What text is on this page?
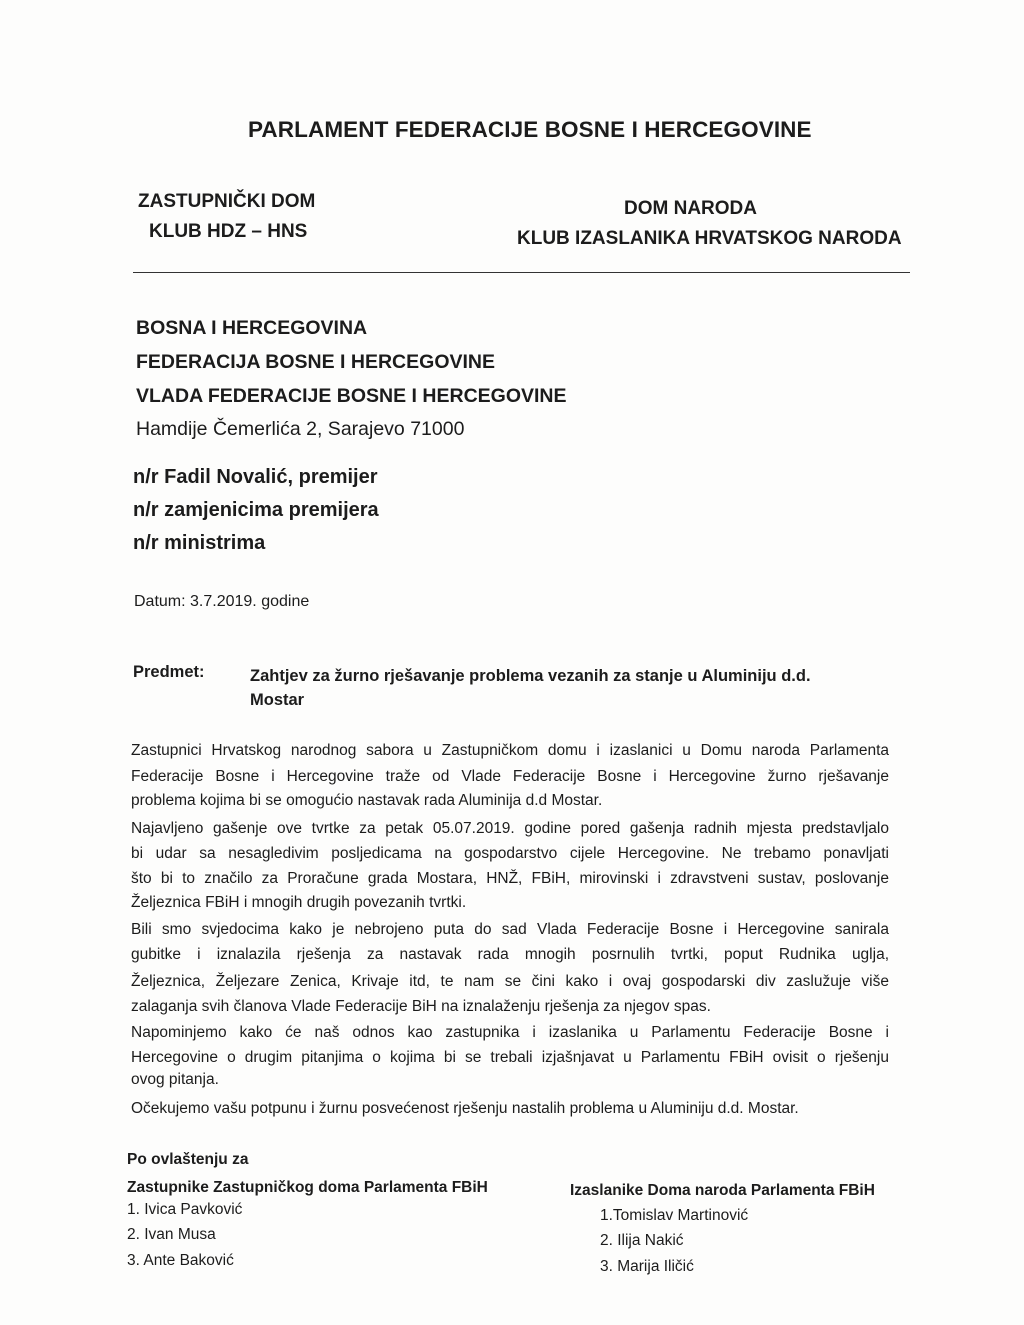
PARLAMENT FEDERACIJE BOSNE I HERCEGOVINE
ZASTUPNIČKI DOM
KLUB HDZ – HNS
DOM NARODA
KLUB IZASLANIKA HRVATSKOG NARODA
BOSNA I HERCEGOVINA
FEDERACIJA BOSNE I HERCEGOVINE
VLADA FEDERACIJE BOSNE I HERCEGOVINE
Hamdije Čemerlića 2, Sarajevo 71000
n/r Fadil Novalić, premijer
n/r zamjenicima premijera
n/r ministrima
Datum: 3.7.2019. godine
Predmet:	Zahtjev za žurno rješavanje problema vezanih za stanje u Aluminiju d.d.
Mostar
Zastupnici Hrvatskog narodnog sabora u Zastupničkom domu i izaslanici u Domu naroda Parlamenta
Federacije Bosne i Hercegovine traže od Vlade Federacije Bosne i Hercegovine žurno rješavanje
problema kojima bi se omogućio nastavak rada Aluminija d.d Mostar.
Najavljeno gašenje ove tvrtke za petak 05.07.2019. godine pored gašenja radnih mjesta predstavljalo
bi udar sa nesagledivim posljedicama na gospodarstvo cijele Hercegovine. Ne trebamo ponavljati
što bi to značilo za Proračune grada Mostara, HNŽ, FBiH, mirovinski i zdravstveni sustav, poslovanje
Željeznica FBiH i mnogih drugih povezanih tvrtki.
Bili smo svjedocima kako je nebrojeno puta do sad Vlada Federacije Bosne i Hercegovine sanirala
gubitke i iznalazila rješenja za nastavak rada mnogih posrnulih tvrtki, poput Rudnika uglja,
Željeznica, Željezare Zenica, Krivaje itd, te nam se čini kako i ovaj gospodarski div zaslužuje više
zalaganja svih članova Vlade Federacije BiH na iznalaženju rješenja za njegov spas.
Napominjemo kako će naš odnos kao zastupnika i izaslanika u Parlamentu Federacije Bosne i
Hercegovine o drugim pitanjima o kojima bi se trebali izjašnjavat u Parlamentu FBiH ovisit o rješenju
ovog pitanja.
Očekujemo vašu potpunu i žurnu posvećenost rješenju nastalih problema u Aluminiju d.d. Mostar.
Po ovlaštenju za
Zastupnike Zastupničkog doma Parlamenta FBiH
1. Ivica Pavković
2. Ivan Musa
3. Ante Baković
Izaslanike Doma naroda Parlamenta FBiH
1.Tomislav Martinović
2. Ilija Nakić
3. Marija Iličić
